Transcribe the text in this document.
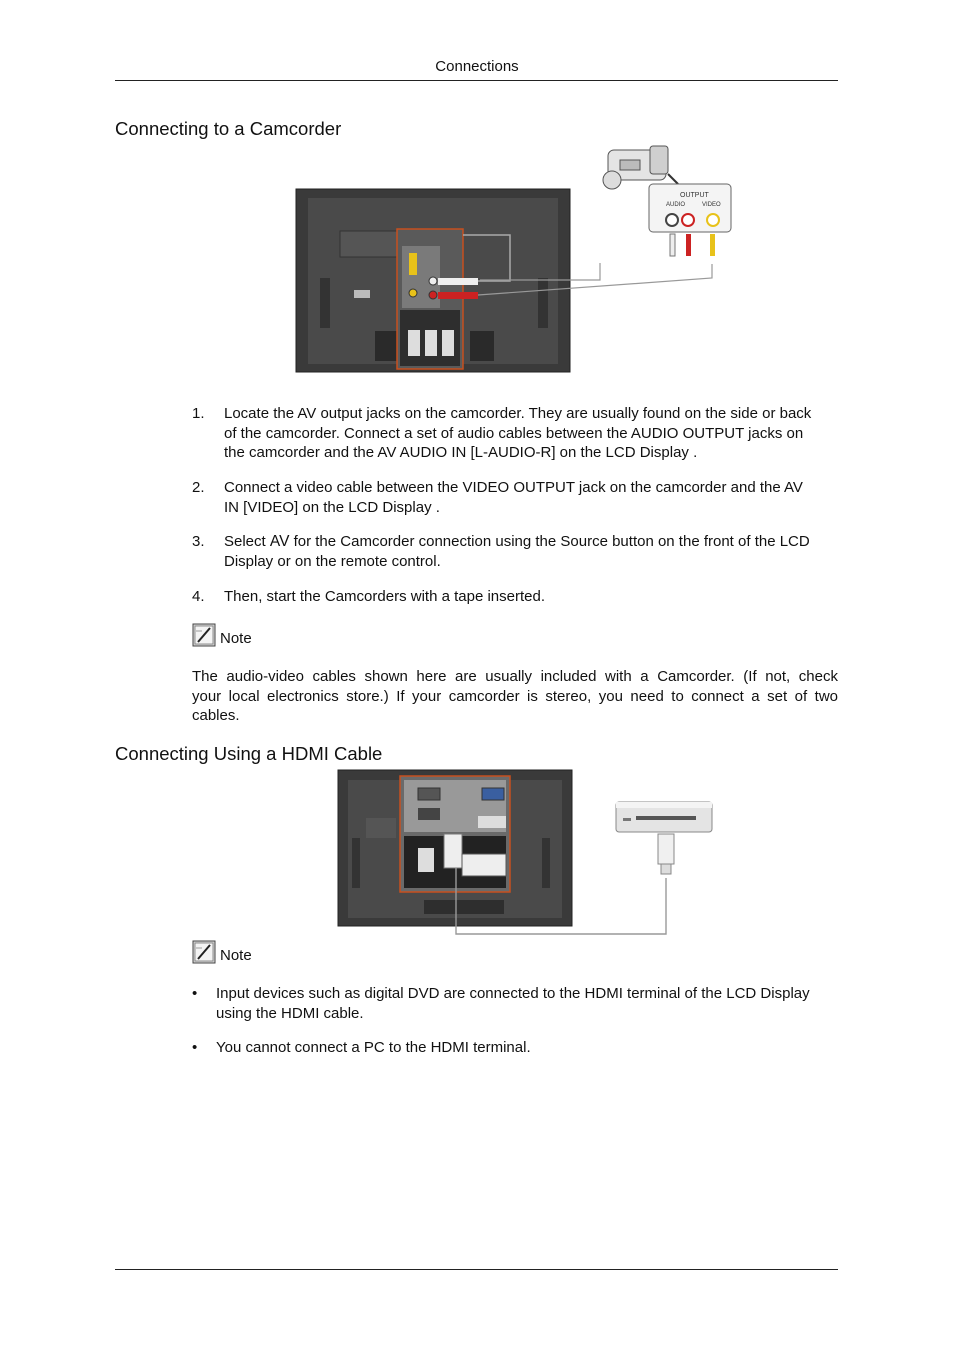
Connections
Connecting to a Camcorder
OUTPUT
AUDIO	VIDEO
1. Locate the AV output jacks on the camcorder. They are usually found on the side or back
of the camcorder. Connect a set of audio cables between the AUDIO OUTPUT jacks on
the camcorder and the AV AUDIO IN [L-AUDIO-R] on the LCD Display .
2. Connect a video cable between the VIDEO OUTPUT jack on the camcorder and the AV
IN [VIDEO] on the LCD Display .
3. Select AV for the Camcorder connection using the Source button on the front of the LCD
Display or on the remote control.
4. Then, start the Camcorders with a tape inserted.
Note
The audio-video cables shown here are usually included with a Camcorder. (If not, check
your local electronics store.) If your camcorder is stereo, you need to connect a set of two
cables.
Connecting Using a HDMI Cable
Note
• Input devices such as digital DVD are connected to the HDMI terminal of the LCD Display
using the HDMI cable.
• You cannot connect a PC to the HDMI terminal.
